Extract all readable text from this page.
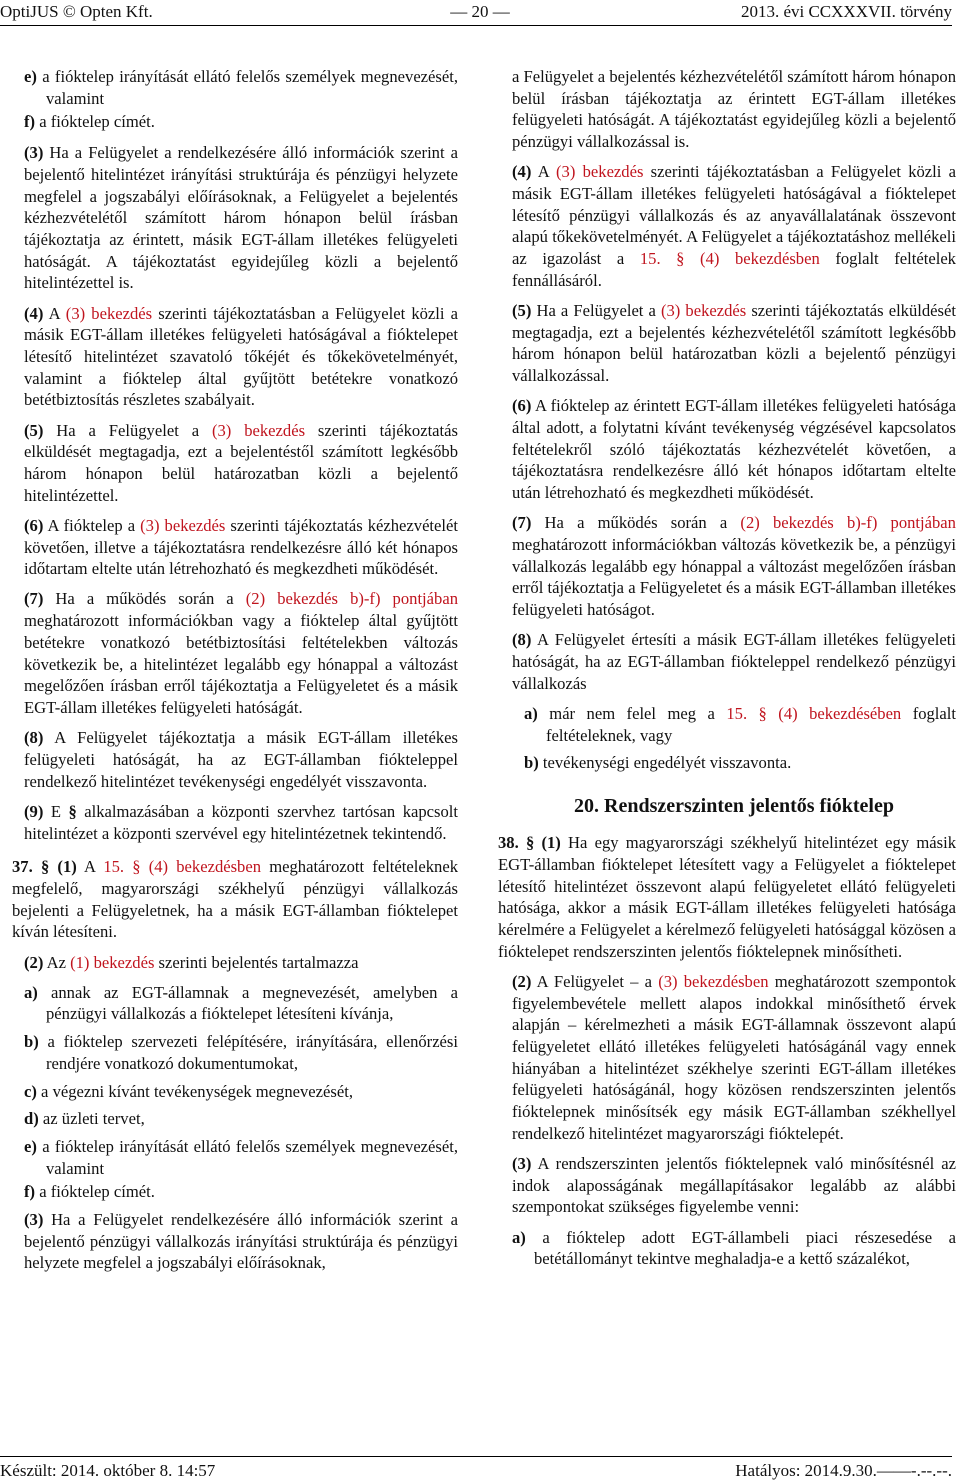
OptiJUS © Opten Kft.	— 20 —	2013. évi CCXXXVII. törvény
e) a fióktelep irányítását ellátó felelős személyek megnevezését, valamint
f) a fióktelep címét.

(3) Ha a Felügyelet a rendelkezésére álló információk szerint a bejelentő hitelintézet irányítási struktúrája és pénzügyi helyzete megfelel a jogszabályi előírásoknak, a Felügyelet a bejelentés kézhezvételétől számított három hónapon belül írásban tájékoztatja az érintett, másik EGT-állam illetékes felügyeleti hatóságát. A tájékoztatást egyidejűleg közli a bejelentő hitelintézettel is.

(4) A (3) bekezdés szerinti tájékoztatásban a Felügyelet közli a másik EGT-állam illetékes felügyeleti hatóságával a fióktelepet létesítő hitelintézet szavatoló tőkéjét és tőkekövetelményét, valamint a fióktelep által gyűjtött betétekre vonatkozó betétbiztosítás részletes szabályait.

(5) Ha a Felügyelet a (3) bekezdés szerinti tájékoztatás elküldését megtagadja, ezt a bejelentéstől számított legkésőbb három hónapon belül határozatban közli a bejelentő hitelintézettel.

(6) A fióktelep a (3) bekezdés szerinti tájékoztatás kézhezvételét követően, illetve a tájékoztatásra rendelkezésre álló két hónapos időtartam eltelte után létrehozható és megkezdheti működését.

(7) Ha a működés során a (2) bekezdés b)-f) pontjában meghatározott információkban vagy a fióktelep által gyűjtött betétekre vonatkozó betétbiztosítási feltételekben változás következik be, a hitelintézet legalább egy hónappal a változást megelőzően írásban erről tájékoztatja a Felügyeletet és a másik EGT-állam illetékes felügyeleti hatóságát.

(8) A Felügyelet tájékoztatja a másik EGT-állam illetékes felügyeleti hatóságát, ha az EGT-államban fiókteleppel rendelkező hitelintézet tevékenységi engedélyét visszavonta.

(9) E § alkalmazásában a központi szervhez tartósan kapcsolt hitelintézet a központi szervével egy hitelintézetnek tekintendő.

37. § (1) A 15. § (4) bekezdésben meghatározott feltételeknek megfelelő, magyarországi székhelyű pénzügyi vállalkozás bejelenti a Felügyeletnek, ha a másik EGT-államban fióktelepet kíván létesíteni.

(2) Az (1) bekezdés szerinti bejelentés tartalmazza

a) annak az EGT-államnak a megnevezését, amelyben a pénzügyi vállalkozás a fióktelepet létesíteni kívánja,
b) a fióktelep szervezeti felépítésére, irányítására, ellenőrzési rendjére vonatkozó dokumentumokat,
c) a végezni kívánt tevékenységek megnevezését,
d) az üzleti tervet,
e) a fióktelep irányítását ellátó felelős személyek megnevezését, valamint
f) a fióktelep címét.

(3) Ha a Felügyelet rendelkezésére álló információk szerint a bejelentő pénzügyi vállalkozás irányítási struktúrája és pénzügyi helyzete megfelel a jogszabályi előírásoknak,

a Felügyelet a bejelentés kézhezvételétől számított három hónapon belül írásban tájékoztatja az érintett EGT-állam illetékes felügyeleti hatóságát. A tájékoztatást egyidejűleg közli a bejelentő pénzügyi vállalkozással is.

(4) A (3) bekezdés szerinti tájékoztatásban a Felügyelet közli a másik EGT-állam illetékes felügyeleti hatóságával a fióktelepet létesítő pénzügyi vállalkozás és az anyavállalatának összevont alapú tőkekövetelményét. A Felügyelet a tájékoztatáshoz mellékeli az igazolást a 15. § (4) bekezdésben foglalt feltételek fennállásáról.

(5) Ha a Felügyelet a (3) bekezdés szerinti tájékoztatás elküldését megtagadja, ezt a bejelentés kézhezvételétől számított legkésőbb három hónapon belül határozatban közli a bejelentő pénzügyi vállalkozással.

(6) A fióktelep az érintett EGT-állam illetékes felügyeleti hatósága által adott, a folytatni kívánt tevékenység végzésével kapcsolatos feltételekről szóló tájékoztatás kézhezvételét követően, a tájékoztatásra rendelkezésre álló két hónapos időtartam eltelte után létrehozható és megkezdheti működését.

(7) Ha a működés során a (2) bekezdés b)-f) pontjában meghatározott információkban változás következik be, a pénzügyi vállalkozás legalább egy hónappal a változást megelőzően írásban erről tájékoztatja a Felügyeletet és a másik EGT-államban illetékes felügyeleti hatóságot.

(8) A Felügyelet értesíti a másik EGT-állam illetékes felügyeleti hatóságát, ha az EGT-államban fiókteleppel rendelkező pénzügyi vállalkozás

a) már nem felel meg a 15. § (4) bekezdésében foglalt feltételeknek, vagy
b) tevékenységi engedélyét visszavonta.
20. Rendszerszinten jelentős fióktelep

38. § (1) Ha egy magyarországi székhelyű hitelintézet egy másik EGT-államban fióktelepet létesített vagy a Felügyelet a fióktelepet létesítő hitelintézet összevont alapú felügyeletet ellátó felügyeleti hatósága, akkor a másik EGT-állam illetékes felügyeleti hatósága kérelmére a Felügyelet a kérelmező felügyeleti hatósággal közösen a fióktelepet rendszerszinten jelentős fióktelepnek minősítheti.

(2) A Felügyelet – a (3) bekezdésben meghatározott szempontok figyelembevétele mellett alapos indokkal minősíthető érvek alapján – kérelmezheti a másik EGT-államnak összevont alapú felügyeletet ellátó illetékes felügyeleti hatóságánál vagy ennek hiányában a hitelintézet székhelye szerinti EGT-állam illetékes felügyeleti hatóságánál, hogy közösen rendszerszinten jelentős fióktelepnek minősítsék egy másik EGT-államban székhellyel rendelkező hitelintézet magyarországi fióktelepét.

(3) A rendszerszinten jelentős fióktelepnek való minősítésnél az indok alaposságának megállapításakor legalább az alábbi szempontokat szükséges figyelembe venni:

a) a fióktelep adott EGT-állambeli piaci részesedése a betétállományt tekintve meghaladja-e a kettő százalékot,
Készült: 2014. október 8. 14:57	Hatályos: 2014.9.30.——-.--.--.
